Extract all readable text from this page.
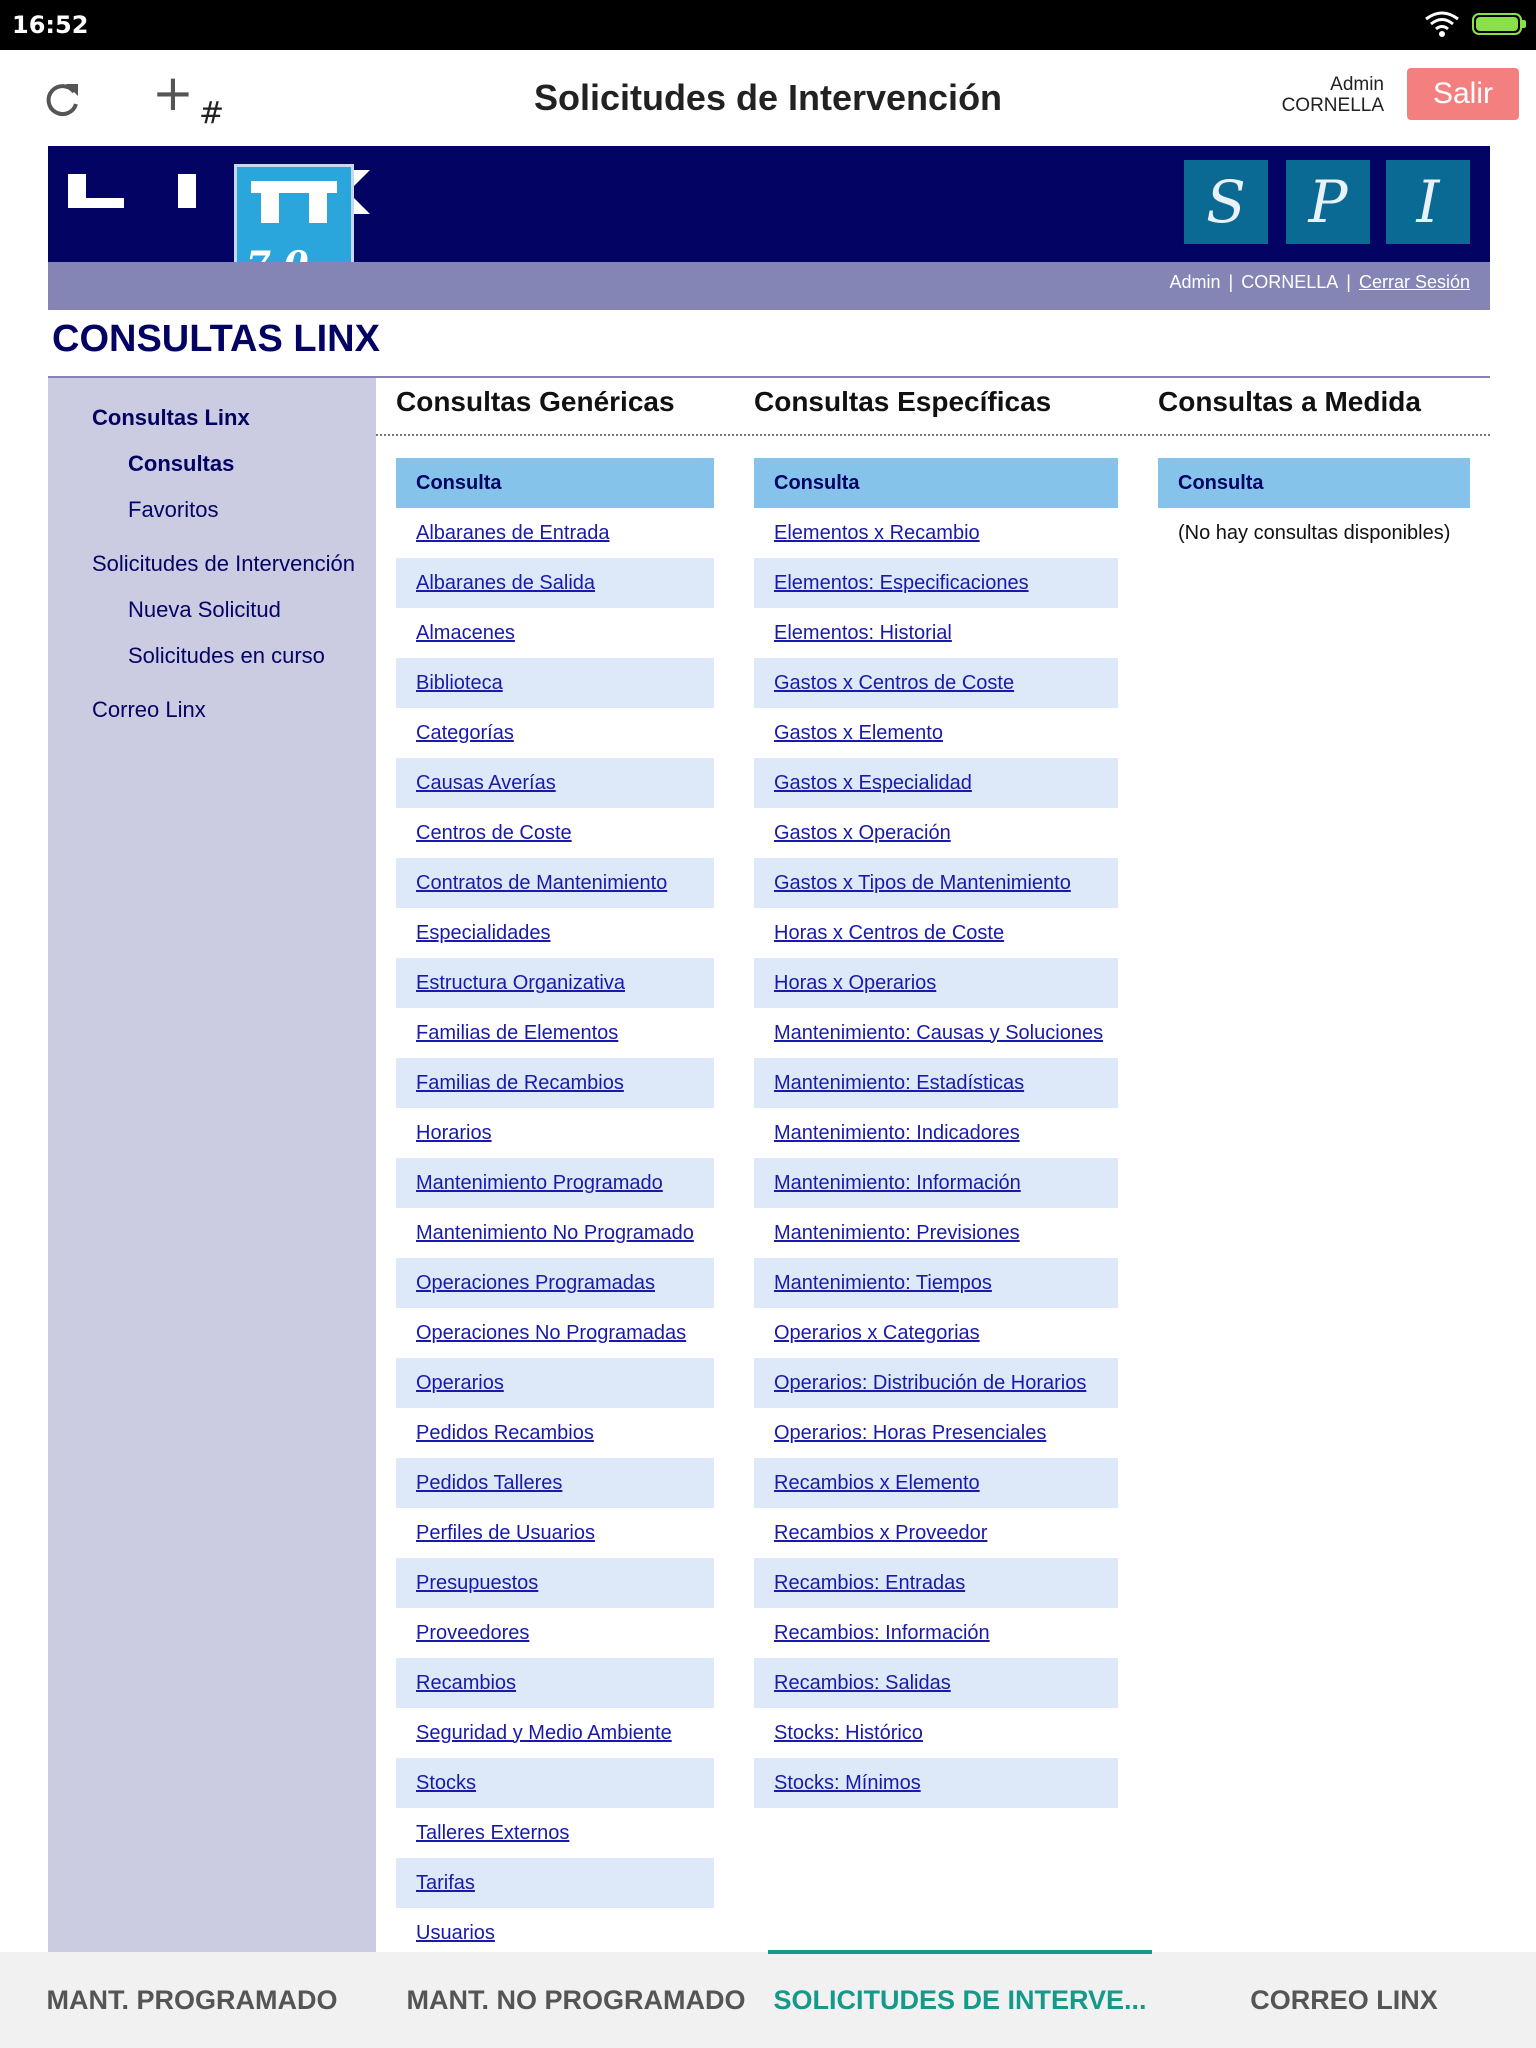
16:52
+ #	Solicitudes de Intervención	Admin
CORNELLA	Salir
S	P	I
Admin | CORNELLA | Cerrar Sesión
CONSULTAS LINX
Consultas Linx
Consultas
Favoritos
Solicitudes de Intervención
Nueva Solicitud
Solicitudes en curso
Correo Linx
Consultas Genéricas	Consultas Específicas	Consultas a Medida
Consulta
Albaranes de Entrada
Albaranes de Salida
Almacenes
Biblioteca
Categorías
Causas Averías
Centros de Coste
Contratos de Mantenimiento
Especialidades
Estructura Organizativa
Familias de Elementos
Familias de Recambios
Horarios
Mantenimiento Programado
Mantenimiento No Programado
Operaciones Programadas
Operaciones No Programadas
Operarios
Pedidos Recambios
Pedidos Talleres
Perfiles de Usuarios
Presupuestos
Proveedores
Recambios
Seguridad y Medio Ambiente
Stocks
Talleres Externos
Tarifas
Usuarios
Consulta
Elementos x Recambio
Elementos: Especificaciones
Elementos: Historial
Gastos x Centros de Coste
Gastos x Elemento
Gastos x Especialidad
Gastos x Operación
Gastos x Tipos de Mantenimiento
Horas x Centros de Coste
Horas x Operarios
Mantenimiento: Causas y Soluciones
Mantenimiento: Estadísticas
Mantenimiento: Indicadores
Mantenimiento: Información
Mantenimiento: Previsiones
Mantenimiento: Tiempos
Operarios x Categorias
Operarios: Distribución de Horarios
Operarios: Horas Presenciales
Recambios x Elemento
Recambios x Proveedor
Recambios: Entradas
Recambios: Información
Recambios: Salidas
Stocks: Histórico
Stocks: Mínimos
Consulta
(No hay consultas disponibles)
MANT. PROGRAMADO	MANT. NO PROGRAMADO	SOLICITUDES DE INTERVE...	CORREO LINX
